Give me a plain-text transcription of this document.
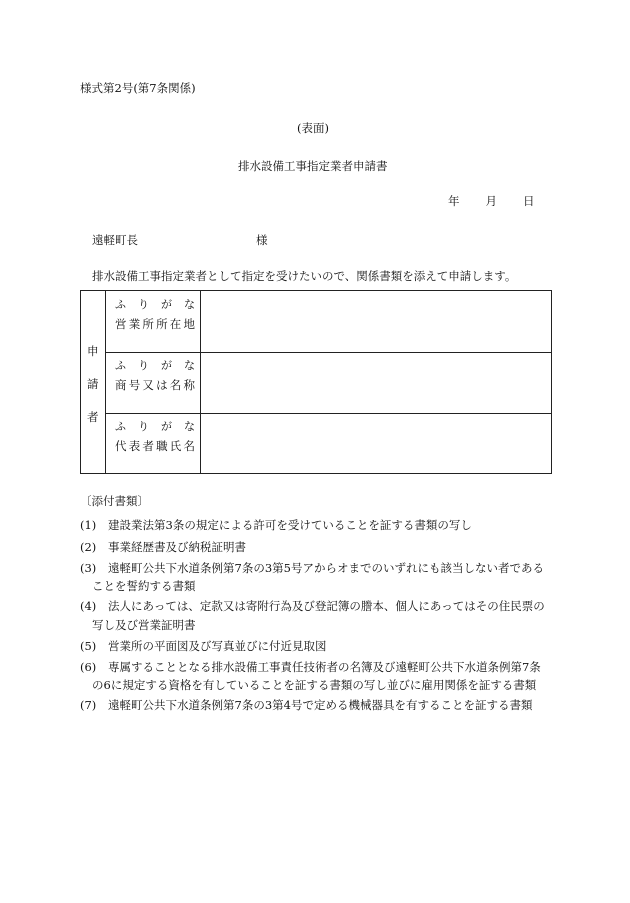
様式第2号(第7条関係)
(表面)
排水設備工事指定業者申請書
年 月 日
遠軽町長	様
排水設備工事指定業者として指定を受けたいので、関係書類を添えて申請します。
申
請
者
ふ り が な
営 業 所 所 在 地
ふ り が な
商 号 又 は 名 称
ふ り が な
代 表 者 職 氏 名
〔添付書類〕
(1) 建設業法第3条の規定による許可を受けていることを証する書類の写し
(2) 事業経歴書及び納税証明書
(3) 遠軽町公共下水道条例第7条の3第5号アからオまでのいずれにも該当しない者である
ことを誓約する書類
(4) 法人にあっては、定款又は寄附行為及び登記簿の謄本、個人にあってはその住民票の
写し及び営業証明書
(5) 営業所の平面図及び写真並びに付近見取図
(6) 専属することとなる排水設備工事責任技術者の名簿及び遠軽町公共下水道条例第7条
の6に規定する資格を有していることを証する書類の写し並びに雇用関係を証する書類
(7) 遠軽町公共下水道条例第7条の3第4号で定める機械器具を有することを証する書類
